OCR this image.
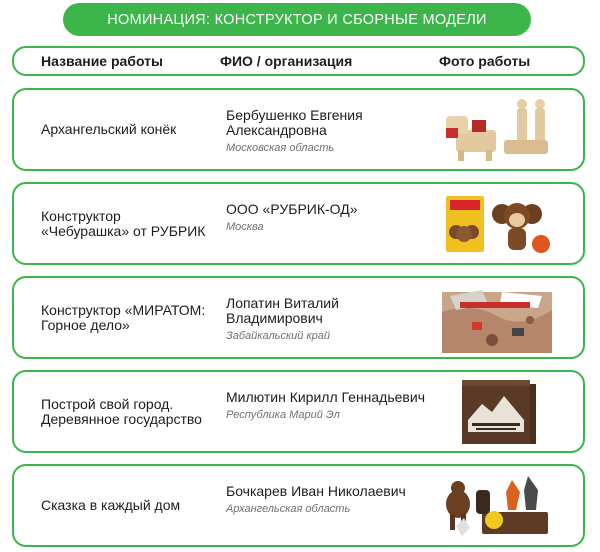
НОМИНАЦИЯ: КОНСТРУКТОР И СБОРНЫЕ МОДЕЛИ
Название работы	ФИО / организация	Фото работы
Архангельский конёк
Бербушенко Евгения Александровна
Московская область
Конструктор «Чебурашка» от РУБРИК
ООО «РУБРИК-ОД»
Москва
Конструктор «МИРАТОМ: Горное дело»
Лопатин Виталий Владимирович
Забайкальский край
Построй свой город. Деревянное государство
Милютин Кирилл Геннадьевич
Республика Марий Эл
Сказка в каждый дом
Бочкарев Иван Николаевич
Архангельская область
